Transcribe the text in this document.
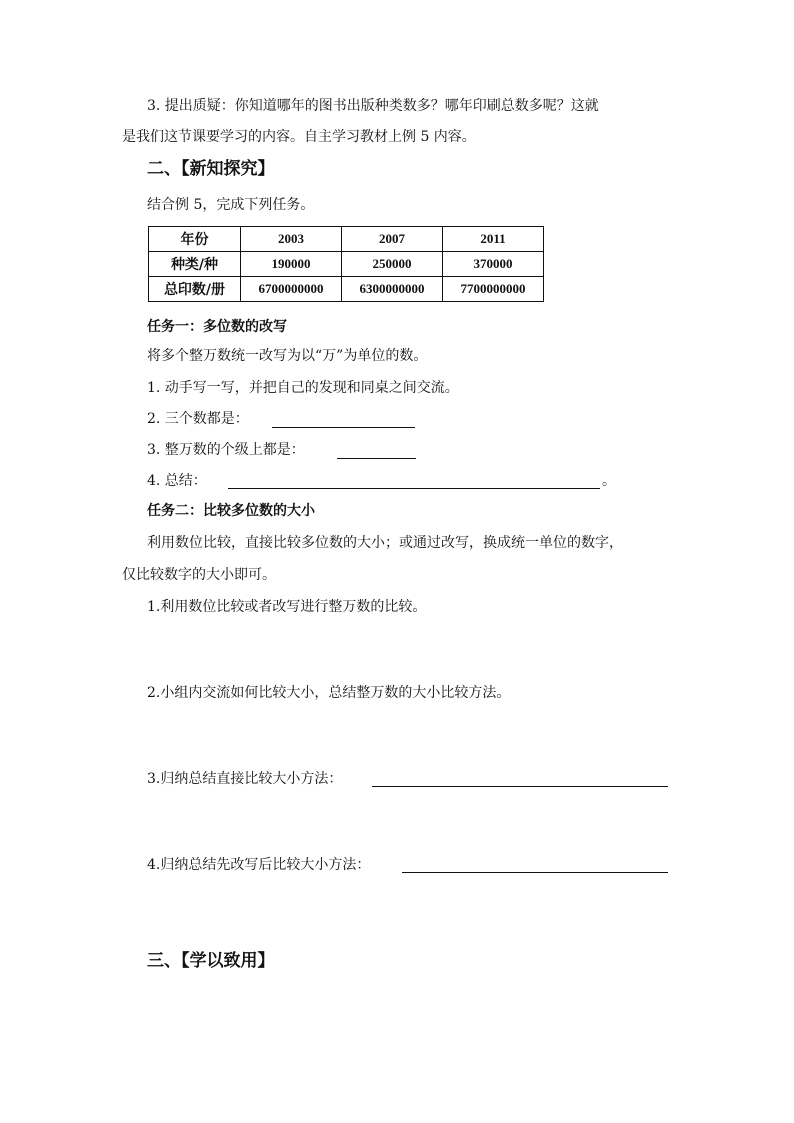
3. 提出质疑：你知道哪年的图书出版种类数多？哪年印刷总数多呢？这就
是我们这节课要学习的内容。自主学习教材上例 5 内容。
二、【新知探究】
结合例 5，完成下列任务。
年份	2003	2007	2011
种类/种	190000	250000	370000
总印数/册	6700000000	6300000000	7700000000
任务一：多位数的改写
将多个整万数统一改写为以“万”为单位的数。
1. 动手写一写，并把自己的发现和同桌之间交流。
2. 三个数都是：
3. 整万数的个级上都是：
4. 总结：	。
任务二：比较多位数的大小
利用数位比较，直接比较多位数的大小；或通过改写，换成统一单位的数字，
仅比较数字的大小即可。
1.利用数位比较或者改写进行整万数的比较。
2.小组内交流如何比较大小，总结整万数的大小比较方法。
3.归纳总结直接比较大小方法：
4.归纳总结先改写后比较大小方法：
三、【学以致用】
